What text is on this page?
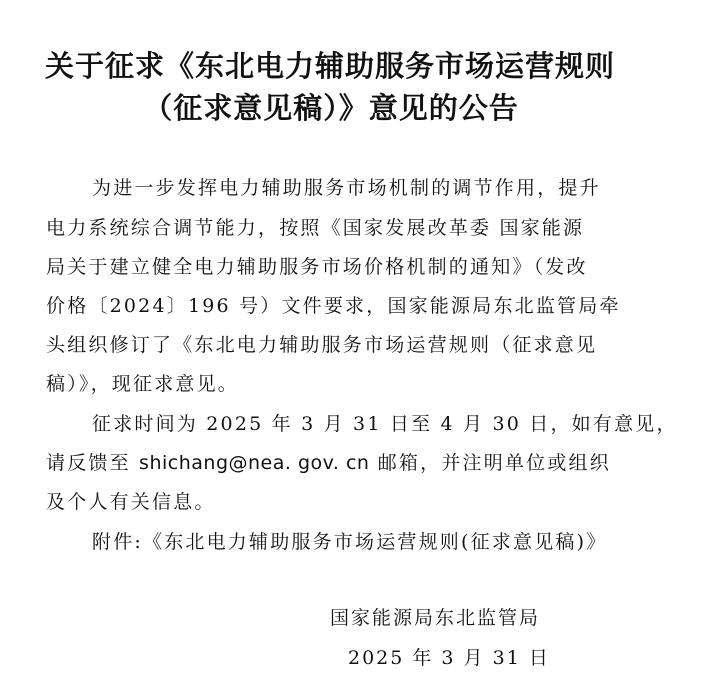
关于征求《东北电力辅助服务市场运营规则
（征求意见稿）》意见的公告
为进一步发挥电力辅助服务市场机制的调节作用，提升
电力系统综合调节能力，按照《国家发展改革委 国家能源
局关于建立健全电力辅助服务市场价格机制的通知》（发改
价格〔2024〕196 号）文件要求，国家能源局东北监管局牵
头组织修订了《东北电力辅助服务市场运营规则（征求意见
稿）》，现征求意见。
征求时间为 2025 年 3 月 31 日至 4 月 30 日，如有意见，
请反馈至 shichang@nea. gov. cn 邮箱，并注明单位或组织
及个人有关信息。
附件:《东北电力辅助服务市场运营规则(征求意见稿)》
国家能源局东北监管局
2025 年 3 月 31 日
